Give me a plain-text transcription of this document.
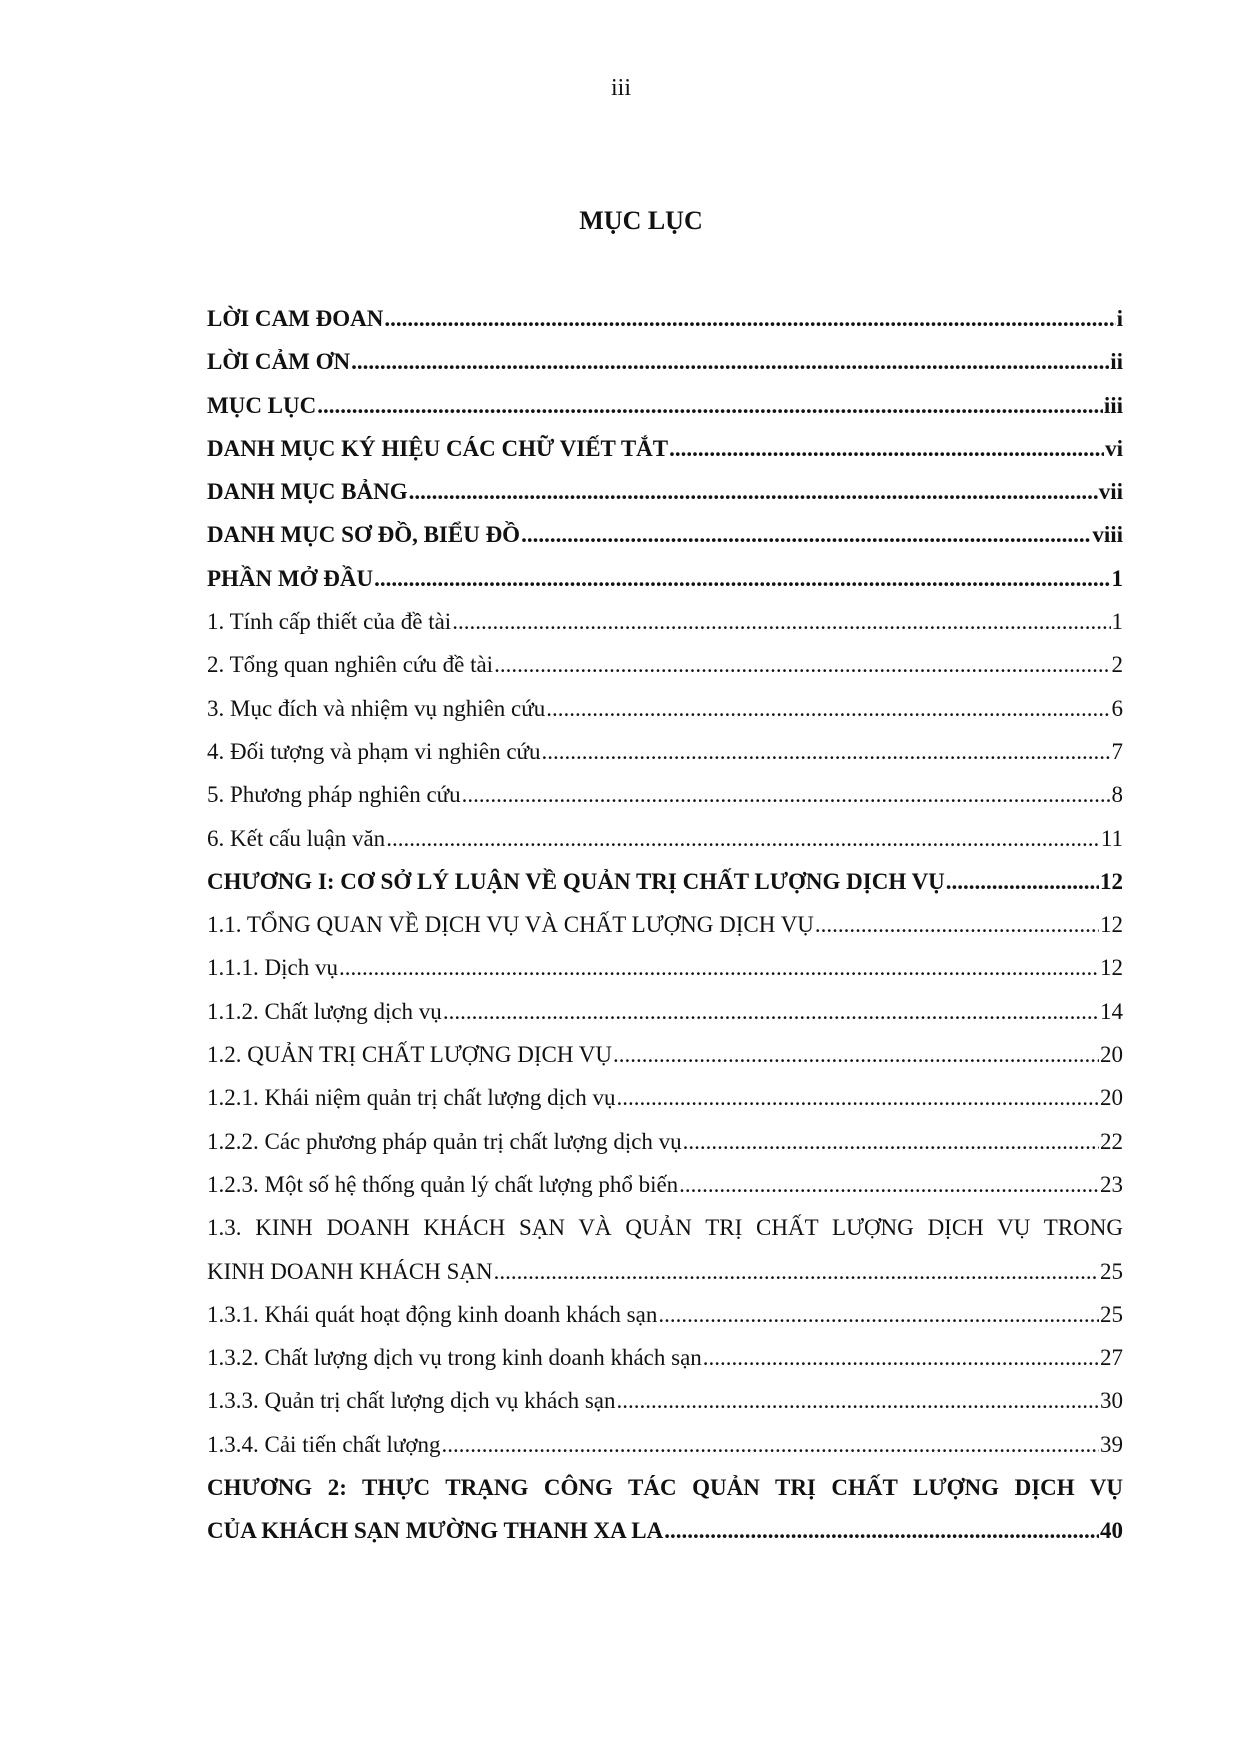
iii
MỤC LỤC
LỜI CAM ĐOAN .....	i
LỜI CẢM ƠN .....	ii
MỤC LỤC .....	iii
DANH MỤC KÝ HIỆU CÁC CHỮ VIẾT TẮT .....	vi
DANH MỤC BẢNG .....	vii
DANH MỤC SƠ ĐỒ, BIỂU ĐỒ .....	viii
PHẦN MỞ ĐẦU .....	1
1. Tính cấp thiết của đề tài .....	1
2. Tổng quan nghiên cứu đề tài .....	2
3. Mục đích và nhiệm vụ nghiên cứu .....	6
4. Đối tượng và phạm vi nghiên cứu .....	7
5. Phương pháp nghiên cứu .....	8
6. Kết cấu luận văn .....	11
CHƯƠNG I: CƠ SỞ LÝ LUẬN VỀ QUẢN TRỊ CHẤT LƯỢNG DỊCH VỤ .....	12
1.1. TỔNG QUAN VỀ DỊCH VỤ VÀ CHẤT LƯỢNG DỊCH VỤ .....	12
1.1.1. Dịch vụ .....	12
1.1.2. Chất lượng dịch vụ .....	14
1.2. QUẢN TRỊ CHẤT LƯỢNG DỊCH VỤ .....	20
1.2.1. Khái niệm quản trị chất lượng dịch vụ .....	20
1.2.2. Các phương pháp quản trị chất lượng dịch vụ .....	22
1.2.3. Một số hệ thống quản lý chất lượng phổ biến .....	23
1.3. KINH DOANH KHÁCH SẠN VÀ QUẢN TRỊ CHẤT LƯỢNG DỊCH VỤ TRONG
KINH DOANH KHÁCH SẠN .....	25
1.3.1. Khái quát hoạt động kinh doanh khách sạn .....	25
1.3.2. Chất lượng dịch vụ trong kinh doanh khách sạn .....	27
1.3.3. Quản trị chất lượng dịch vụ khách sạn .....	30
1.3.4. Cải tiến chất lượng .....	39
CHƯƠNG 2: THỰC TRẠNG CÔNG TÁC QUẢN TRỊ CHẤT LƯỢNG DỊCH VỤ
CỦA KHÁCH SẠN MƯỜNG THANH XA LA .....	40
